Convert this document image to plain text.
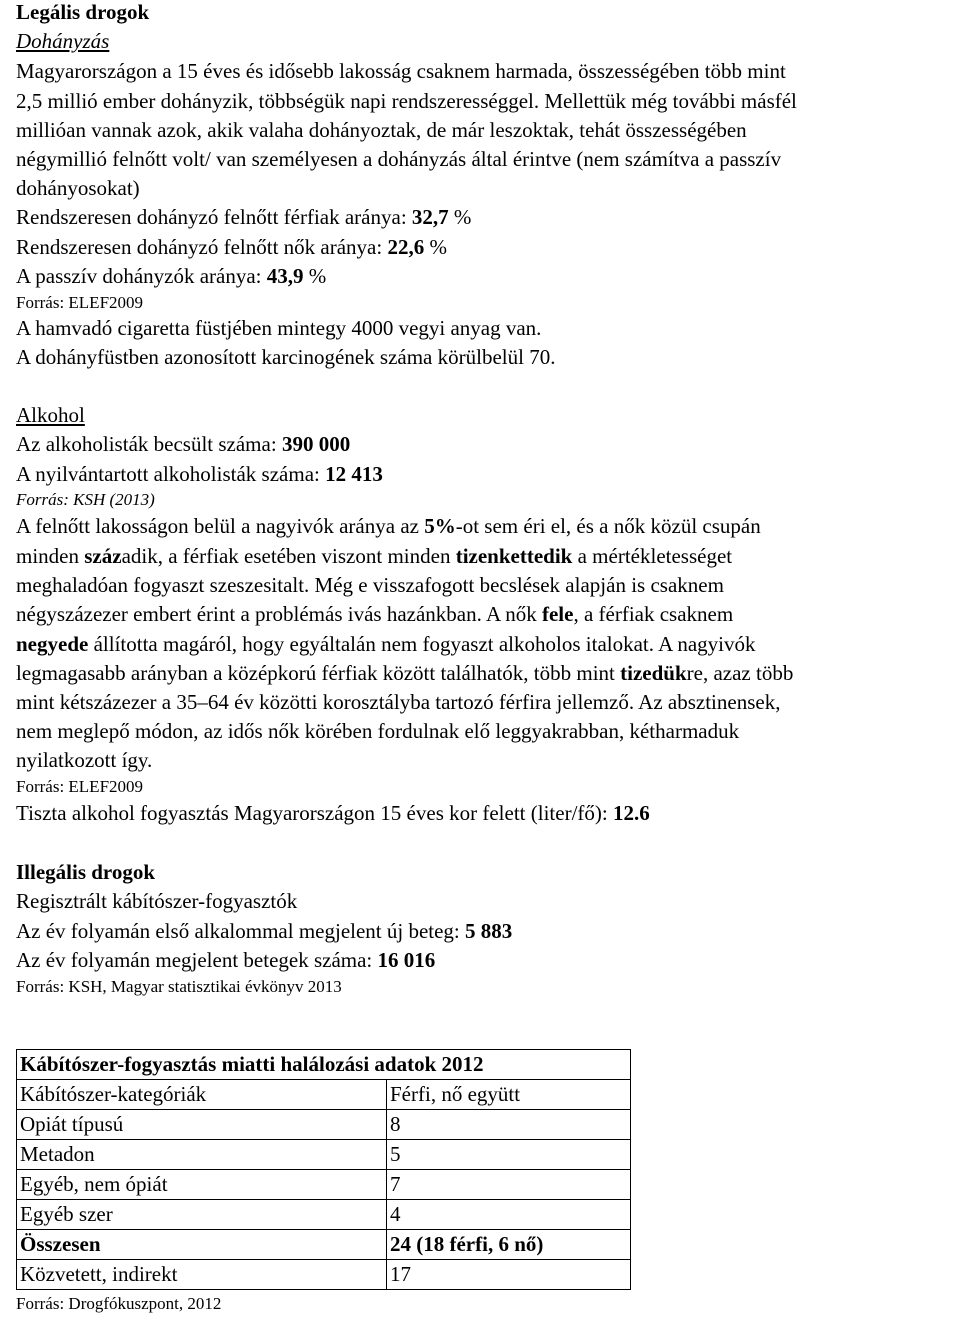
Legális drogok
Dohányzás
Magyarországon a 15 éves és idősebb lakosság csaknem harmada, összességében több mint
2,5 millió ember dohányzik, többségük napi rendszerességgel. Mellettük még további másfél
millióan vannak azok, akik valaha dohányoztak, de már leszoktak, tehát összességében
négymillió felnőtt volt/ van személyesen a dohányzás által érintve (nem számítva a passzív
dohányosokat)
Rendszeresen dohányzó felnőtt férfiak aránya: 32,7 %
Rendszeresen dohányzó felnőtt nők aránya: 22,6 %
A passzív dohányzók aránya: 43,9 %
Forrás: ELEF2009
A hamvadó cigaretta füstjében mintegy 4000 vegyi anyag van.
A dohányfüstben azonosított karcinogének száma körülbelül 70.
Alkohol
Az alkoholisták becsült száma: 390 000
A nyilvántartott alkoholisták száma: 12 413
Forrás: KSH (2013)
A felnőtt lakosságon belül a nagyivók aránya az 5%-ot sem éri el, és a nők közül csupán
minden századik, a férfiak esetében viszont minden tizenkettedik a mértékletességet
meghaladóan fogyaszt szeszesitalt. Még e visszafogott becslések alapján is csaknem
négyszázezer embert érint a problémás ivás hazánkban. A nők fele, a férfiak csaknem
negyede állította magáról, hogy egyáltalán nem fogyaszt alkoholos italokat. A nagyivók
legmagasabb arányban a középkorú férfiak között találhatók, több mint tizedükre, azaz több
mint kétszázezer a 35–64 év közötti korosztályba tartozó férfira jellemző. Az absztinensek,
nem meglepő módon, az idős nők körében fordulnak elő leggyakrabban, kétharmaduk
nyilatkozott így.
Forrás: ELEF2009
Tiszta alkohol fogyasztás Magyarországon 15 éves kor felett (liter/fő): 12.6
Illegális drogok
Regisztrált kábítószer-fogyasztók
Az év folyamán első alkalommal megjelent új beteg: 5 883
Az év folyamán megjelent betegek száma: 16 016
Forrás: KSH, Magyar statisztikai évkönyv 2013
Kábítószer-fogyasztás miatti halálozási adatok 2012	
Kábítószer-kategóriák	Férfi, nő együtt
Opiát típusú	8
Metadon	5
Egyéb, nem ópiát	7
Egyéb szer	4
Összesen	24 (18 férfi, 6 nő)
Közvetett, indirekt	17
Forrás: Drogfókuszpont, 2012
